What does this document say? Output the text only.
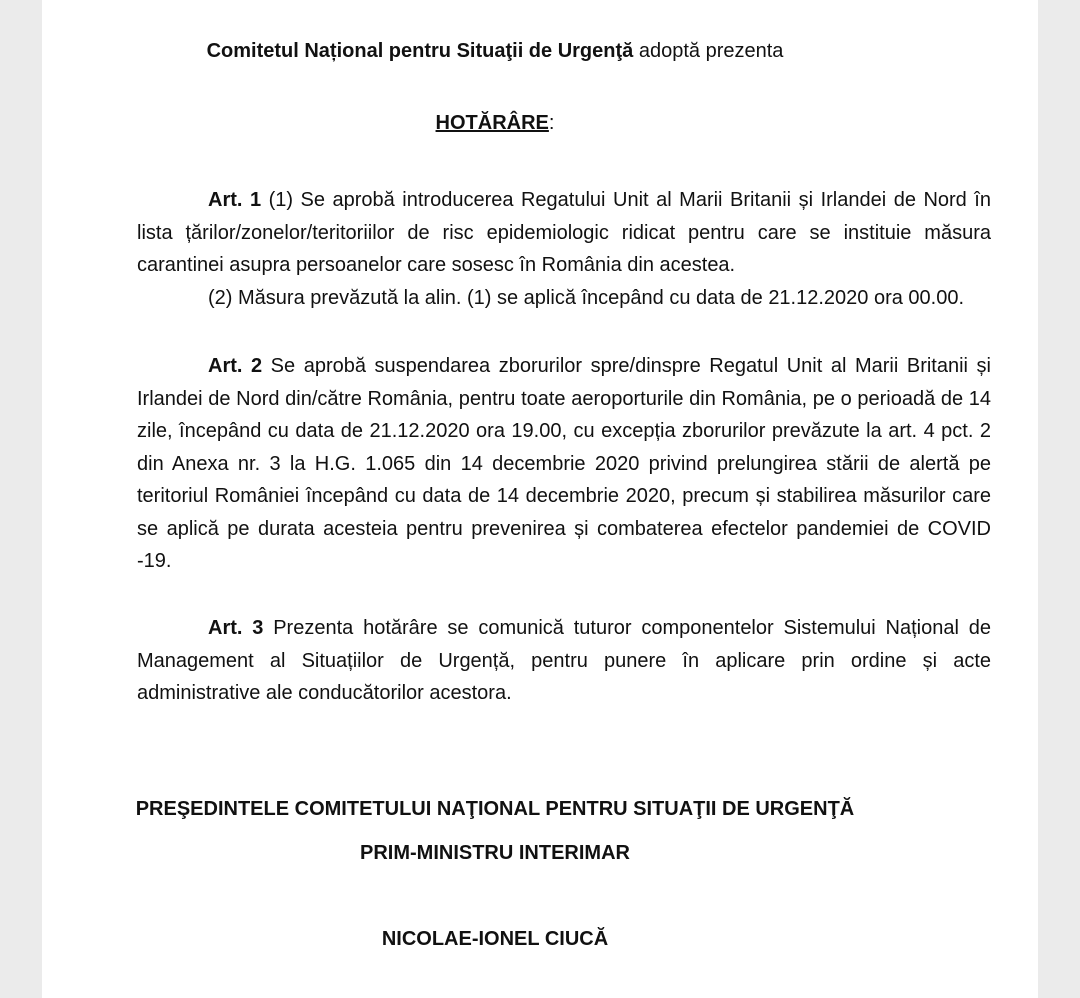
Comitetul Național pentru Situaţii de Urgenţă adoptă prezenta
HOTĂRÂRE:

Art. 1 (1) Se aprobă introducerea Regatului Unit al Marii Britanii și Irlandei de Nord în lista țărilor/zonelor/teritoriilor de risc epidemiologic ridicat pentru care se instituie măsura carantinei asupra persoanelor care sosesc în România din acestea.

(2) Măsura prevăzută la alin. (1) se aplică începând cu data de 21.12.2020 ora 00.00.

Art. 2 Se aprobă suspendarea zborurilor spre/dinspre Regatul Unit al Marii Britanii și Irlandei de Nord din/către România, pentru toate aeroporturile din România, pe o perioadă de 14 zile, începând cu data de 21.12.2020 ora 19.00, cu excepția zborurilor prevăzute la art. 4 pct. 2 din Anexa nr. 3 la H.G. 1.065 din 14 decembrie 2020 privind prelungirea stării de alertă pe teritoriul României începând cu data de 14 decembrie 2020, precum și stabilirea măsurilor care se aplică pe durata acesteia pentru prevenirea și combaterea efectelor pandemiei de COVID -19.

Art. 3 Prezenta hotărâre se comunică tuturor componentelor Sistemului Național de Management al Situațiilor de Urgență, pentru punere în aplicare prin ordine și acte administrative ale conducătorilor acestora.

PREŞEDINTELE COMITETULUI NAŢIONAL PENTRU SITUAŢII DE URGENŢĂ
PRIM-MINISTRU INTERIMAR
NICOLAE-IONEL CIUCĂ
